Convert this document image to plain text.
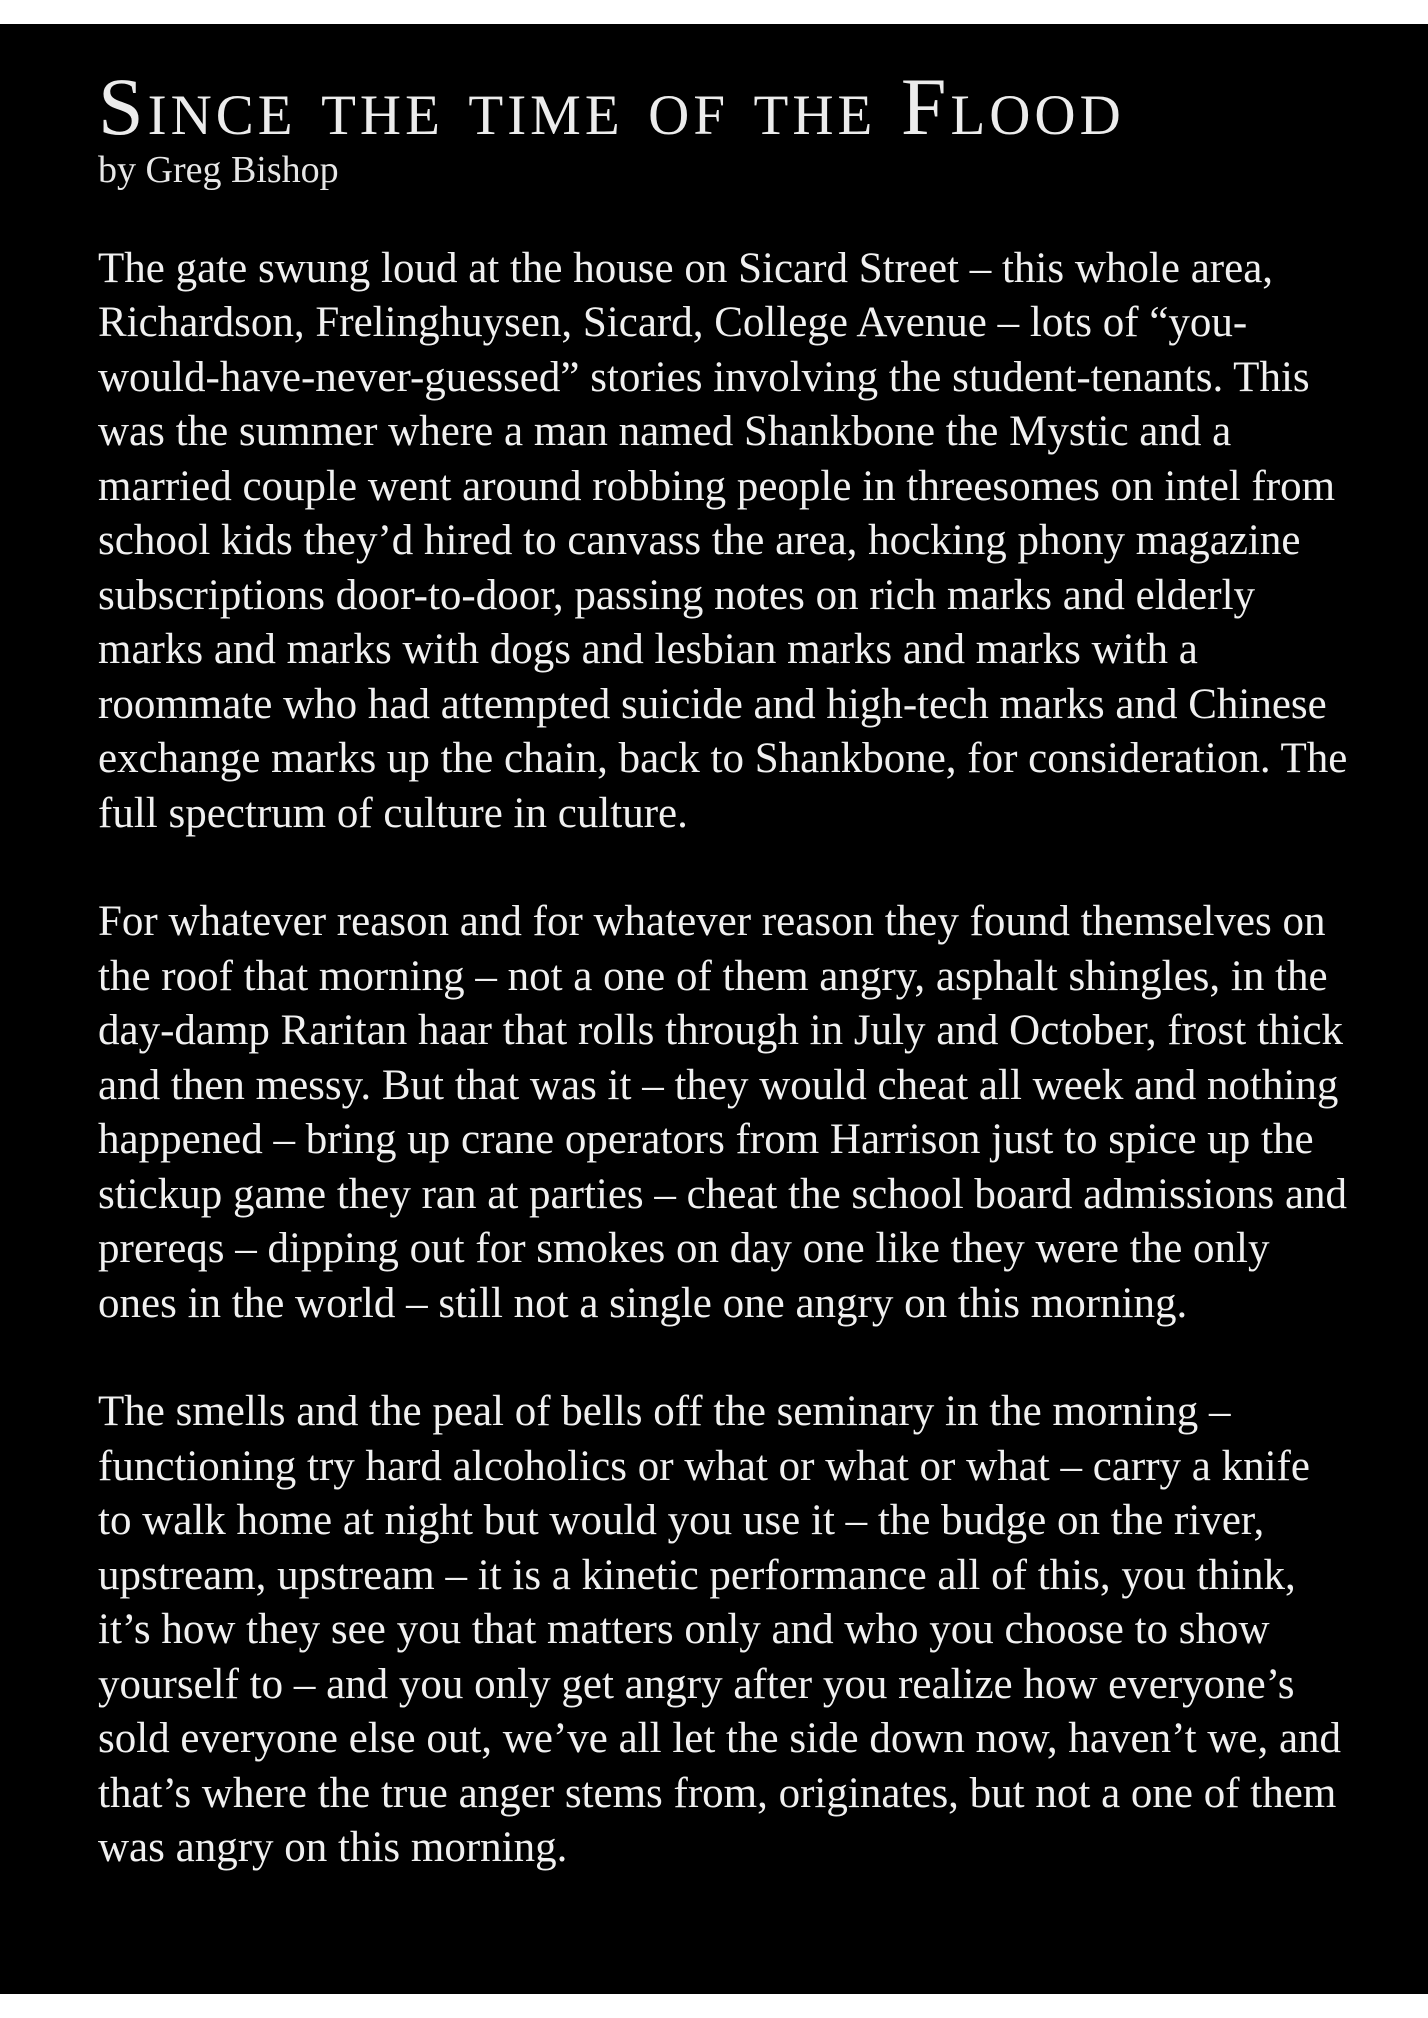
Since the time of the Flood
by Greg Bishop

The gate swung loud at the house on Sicard Street – this whole area, Richardson, Frelinghuysen, Sicard, College Avenue – lots of “you-would-have-never-guessed” stories involving the student-tenants. This was the summer where a man named Shankbone the Mystic and a married couple went around robbing people in threesomes on intel from school kids they’d hired to canvass the area, hocking phony magazine subscriptions door-to-door, passing notes on rich marks and elderly marks and marks with dogs and lesbian marks and marks with a roommate who had attempted suicide and high-tech marks and Chinese exchange marks up the chain, back to Shankbone, for consideration. The full spectrum of culture in culture.

For whatever reason and for whatever reason they found themselves on the roof that morning – not a one of them angry, asphalt shingles, in the day-damp Raritan haar that rolls through in July and October, frost thick and then messy. But that was it – they would cheat all week and nothing happened – bring up crane operators from Harrison just to spice up the stickup game they ran at parties – cheat the school board admissions and prereqs – dipping out for smokes on day one like they were the only ones in the world – still not a single one angry on this morning.

The smells and the peal of bells off the seminary in the morning – functioning try hard alcoholics or what or what or what – carry a knife to walk home at night but would you use it – the budge on the river, upstream, upstream – it is a kinetic performance all of this, you think, it’s how they see you that matters only and who you choose to show yourself to – and you only get angry after you realize how everyone’s sold everyone else out, we’ve all let the side down now, haven’t we, and that’s where the true anger stems from, originates, but not a one of them was angry on this morning.
